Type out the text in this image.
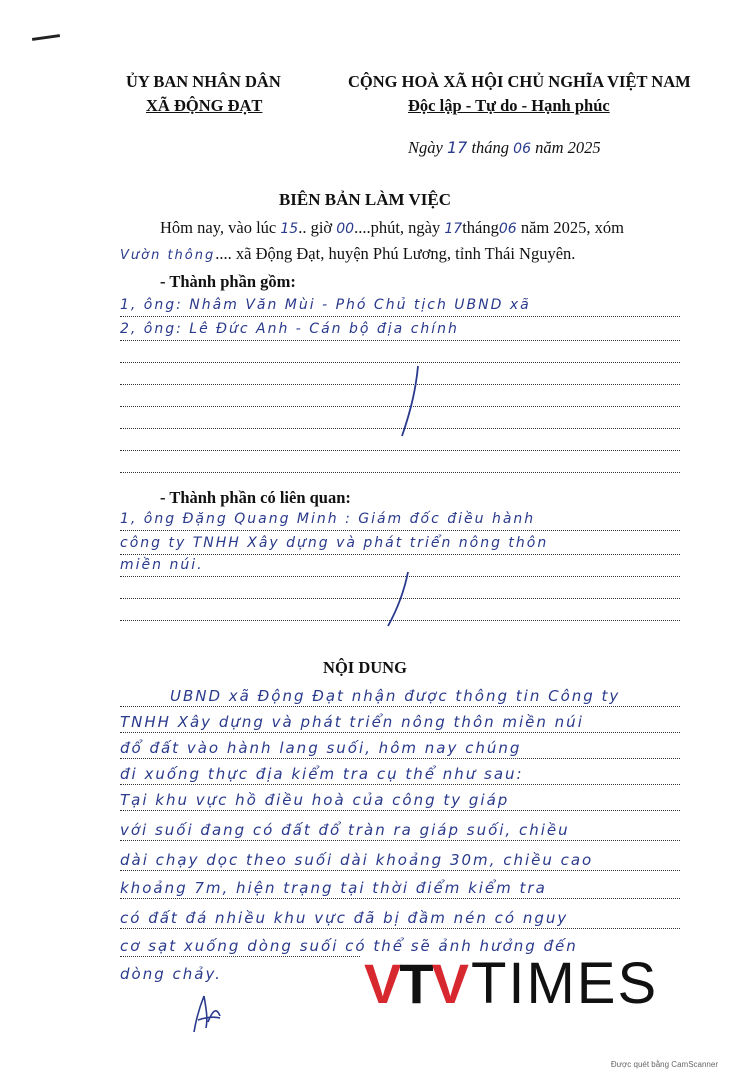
ỦY BAN NHÂN DÂN
XÃ ĐỘNG ĐẠT
CỘNG HOÀ XÃ HỘI CHỦ NGHĨA VIỆT NAM
Độc lập - Tự do - Hạnh phúc
Ngày 17 tháng 06 năm 2025
BIÊN BẢN LÀM VIỆC
Hôm nay, vào lúc 15.. giờ 00....phút, ngày 17tháng06 năm 2025, xóm
Vườn thông.... xã Động Đạt, huyện Phú Lương, tỉnh Thái Nguyên.
- Thành phần gồm:
1, ông: Nhâm Văn Mùi - Phó Chủ tịch UBND xã
2, ông: Lê Đức Anh - Cán bộ địa chính
- Thành phần có liên quan:
1, ông Đặng Quang Minh : Giám đốc điều hành
công ty TNHH Xây dựng và phát triển nông thôn
miền núi.
NỘI DUNG
UBND xã Động Đạt nhận được thông tin Công ty
TNHH Xây dựng và phát triển nông thôn miền núi
đổ đất vào hành lang suối, hôm nay chúng
đi xuống thực địa kiểm tra cụ thể như sau:
Tại khu vực hồ điều hoà của công ty giáp
với suối đang có đất đổ tràn ra giáp suối, chiều
dài chạy dọc theo suối dài khoảng 30m, chiều cao
khoảng 7m, hiện trạng tại thời điểm kiểm tra
có đất đá nhiều khu vực đã bị đầm nén có nguy
cơ sạt xuống dòng suối có thể sẽ ảnh hưởng đến
dòng chảy.	VTV TIMES
Được quét bằng CamScanner
